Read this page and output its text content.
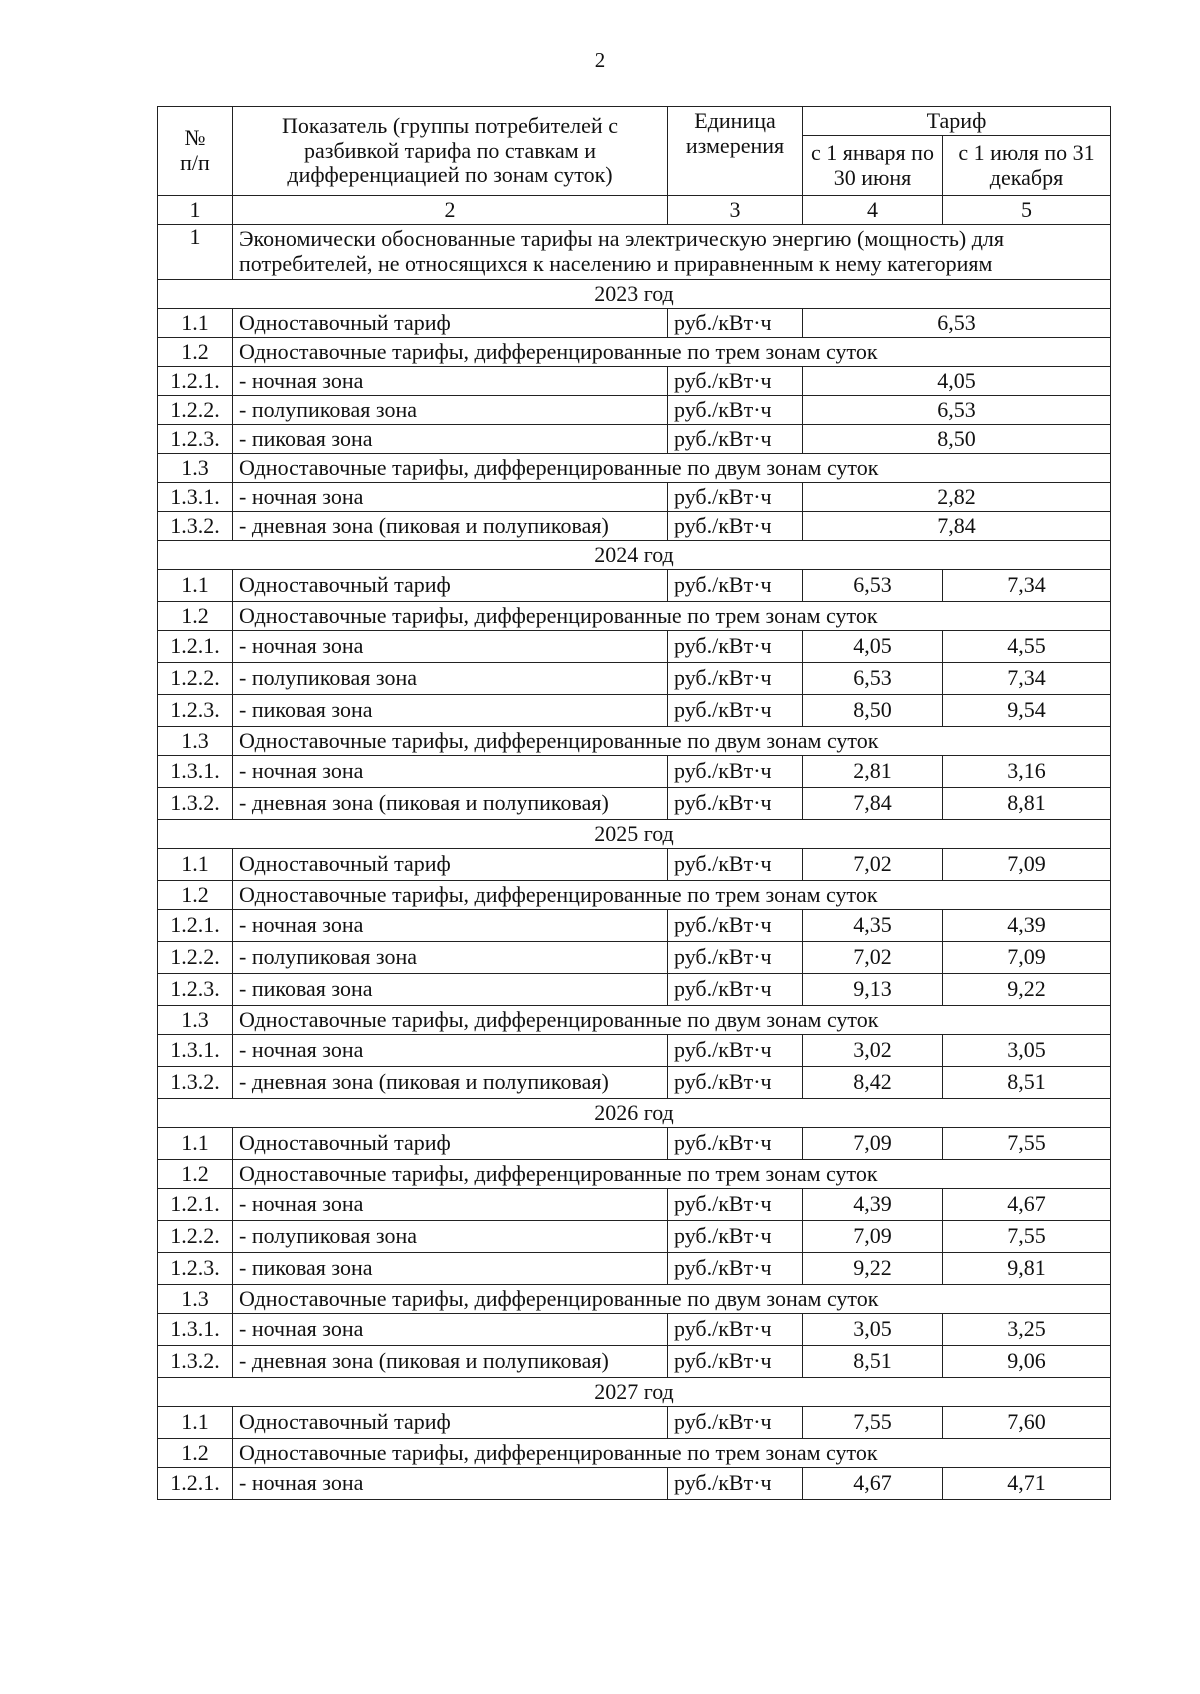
2
№
п/п	Показатель (группы потребителей с разбивкой тарифа по ставкам и дифференциацией по зонам суток)	Единица измерения	Тариф	
			с 1 января по 30 июня	с 1 июля по 31 декабря
1	2	3	4	5
1	Экономически обоснованные тарифы на электрическую энергию (мощность) для потребителей, не относящихся к населению и приравненным к нему категориям			
2023 год				
1.1	Одноставочный тариф	руб./кВт·ч	6,53	
1.2	Одноставочные тарифы, дифференцированные по трем зонам суток			
1.2.1.	- ночная зона	руб./кВт·ч	4,05	
1.2.2.	- полупиковая зона	руб./кВт·ч	6,53	
1.2.3.	- пиковая зона	руб./кВт·ч	8,50	
1.3	Одноставочные тарифы, дифференцированные по двум зонам суток			
1.3.1.	- ночная зона	руб./кВт·ч	2,82	
1.3.2.	- дневная зона (пиковая и полупиковая)	руб./кВт·ч	7,84	
2024 год				
1.1	Одноставочный тариф	руб./кВт·ч	6,53	7,34
1.2	Одноставочные тарифы, дифференцированные по трем зонам суток			
1.2.1.	- ночная зона	руб./кВт·ч	4,05	4,55
1.2.2.	- полупиковая зона	руб./кВт·ч	6,53	7,34
1.2.3.	- пиковая зона	руб./кВт·ч	8,50	9,54
1.3	Одноставочные тарифы, дифференцированные по двум зонам суток			
1.3.1.	- ночная зона	руб./кВт·ч	2,81	3,16
1.3.2.	- дневная зона (пиковая и полупиковая)	руб./кВт·ч	7,84	8,81
2025 год				
1.1	Одноставочный тариф	руб./кВт·ч	7,02	7,09
1.2	Одноставочные тарифы, дифференцированные по трем зонам суток			
1.2.1.	- ночная зона	руб./кВт·ч	4,35	4,39
1.2.2.	- полупиковая зона	руб./кВт·ч	7,02	7,09
1.2.3.	- пиковая зона	руб./кВт·ч	9,13	9,22
1.3	Одноставочные тарифы, дифференцированные по двум зонам суток			
1.3.1.	- ночная зона	руб./кВт·ч	3,02	3,05
1.3.2.	- дневная зона (пиковая и полупиковая)	руб./кВт·ч	8,42	8,51
2026 год				
1.1	Одноставочный тариф	руб./кВт·ч	7,09	7,55
1.2	Одноставочные тарифы, дифференцированные по трем зонам суток			
1.2.1.	- ночная зона	руб./кВт·ч	4,39	4,67
1.2.2.	- полупиковая зона	руб./кВт·ч	7,09	7,55
1.2.3.	- пиковая зона	руб./кВт·ч	9,22	9,81
1.3	Одноставочные тарифы, дифференцированные по двум зонам суток			
1.3.1.	- ночная зона	руб./кВт·ч	3,05	3,25
1.3.2.	- дневная зона (пиковая и полупиковая)	руб./кВт·ч	8,51	9,06
2027 год				
1.1	Одноставочный тариф	руб./кВт·ч	7,55	7,60
1.2	Одноставочные тарифы, дифференцированные по трем зонам суток			
1.2.1.	- ночная зона	руб./кВт·ч	4,67	4,71
